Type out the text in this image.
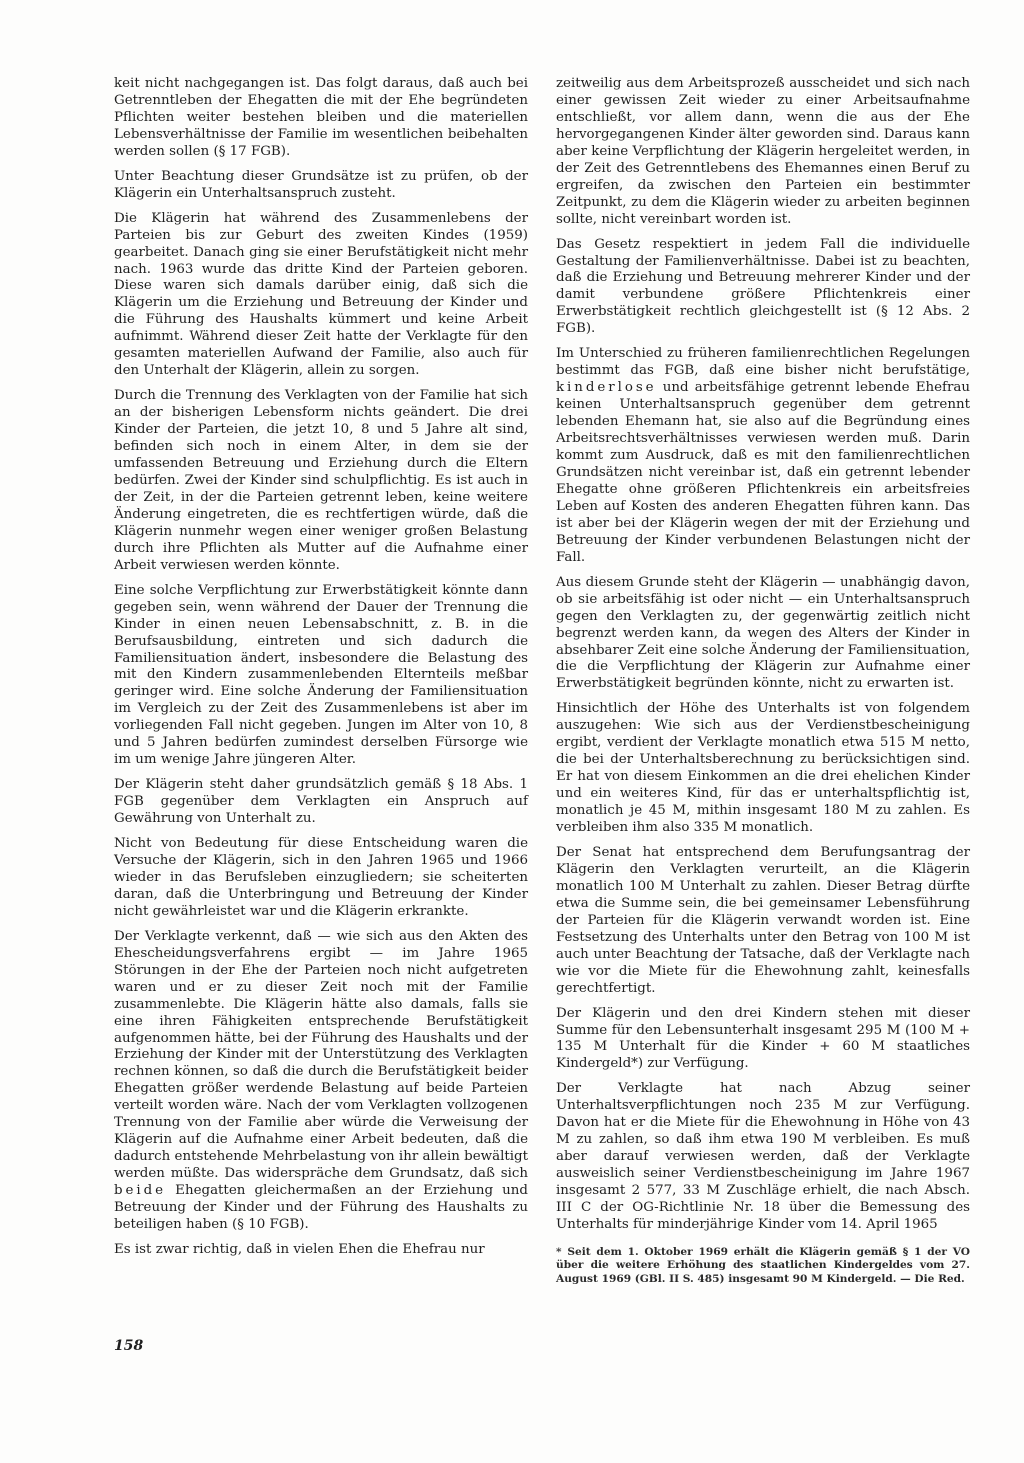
keit nicht nachgegangen ist. Das folgt daraus, daß auch bei Getrenntleben der Ehegatten die mit der Ehe begründeten Pflichten weiter bestehen bleiben und die materiellen Lebensverhältnisse der Familie im wesentlichen beibehalten werden sollen (§ 17 FGB).

Unter Beachtung dieser Grundsätze ist zu prüfen, ob der Klägerin ein Unterhaltsanspruch zusteht.

Die Klägerin hat während des Zusammenlebens der Parteien bis zur Geburt des zweiten Kindes (1959) gearbeitet. Danach ging sie einer Berufstätigkeit nicht mehr nach. 1963 wurde das dritte Kind der Parteien geboren. Diese waren sich damals darüber einig, daß sich die Klägerin um die Erziehung und Betreuung der Kinder und die Führung des Haushalts kümmert und keine Arbeit aufnimmt. Während dieser Zeit hatte der Verklagte für den gesamten materiellen Aufwand der Familie, also auch für den Unterhalt der Klägerin, allein zu sorgen.

Durch die Trennung des Verklagten von der Familie hat sich an der bisherigen Lebensform nichts geändert. Die drei Kinder der Parteien, die jetzt 10, 8 und 5 Jahre alt sind, befinden sich noch in einem Alter, in dem sie der umfassenden Betreuung und Erziehung durch die Eltern bedürfen. Zwei der Kinder sind schulpflichtig. Es ist auch in der Zeit, in der die Parteien getrennt leben, keine weitere Änderung eingetreten, die es rechtfertigen würde, daß die Klägerin nunmehr wegen einer weniger großen Belastung durch ihre Pflichten als Mutter auf die Aufnahme einer Arbeit verwiesen werden könnte.

Eine solche Verpflichtung zur Erwerbstätigkeit könnte dann gegeben sein, wenn während der Dauer der Trennung die Kinder in einen neuen Lebensabschnitt, z. B. in die Berufsausbildung, eintreten und sich dadurch die Familiensituation ändert, insbesondere die Belastung des mit den Kindern zusammenlebenden Elternteils meßbar geringer wird. Eine solche Änderung der Familiensituation im Vergleich zu der Zeit des Zusammenlebens ist aber im vorliegenden Fall nicht gegeben. Jungen im Alter von 10, 8 und 5 Jahren bedürfen zumindest derselben Fürsorge wie im um wenige Jahre jüngeren Alter.

Der Klägerin steht daher grundsätzlich gemäß § 18 Abs. 1 FGB gegenüber dem Verklagten ein Anspruch auf Gewährung von Unterhalt zu.

Nicht von Bedeutung für diese Entscheidung waren die Versuche der Klägerin, sich in den Jahren 1965 und 1966 wieder in das Berufsleben einzugliedern; sie scheiterten daran, daß die Unterbringung und Betreuung der Kinder nicht gewährleistet war und die Klägerin erkrankte.

Der Verklagte verkennt, daß — wie sich aus den Akten des Ehescheidungsverfahrens ergibt — im Jahre 1965 Störungen in der Ehe der Parteien noch nicht aufgetreten waren und er zu dieser Zeit noch mit der Familie zusammenlebte. Die Klägerin hätte also damals, falls sie eine ihren Fähigkeiten entsprechende Berufstätigkeit aufgenommen hätte, bei der Führung des Haushalts und der Erziehung der Kinder mit der Unterstützung des Verklagten rechnen können, so daß die durch die Berufstätigkeit beider Ehegatten größer werdende Belastung auf beide Parteien verteilt worden wäre. Nach der vom Verklagten vollzogenen Trennung von der Familie aber würde die Verweisung der Klägerin auf die Aufnahme einer Arbeit bedeuten, daß die dadurch entstehende Mehrbelastung von ihr allein bewältigt werden müßte. Das widerspräche dem Grundsatz, daß sich beide Ehegatten gleichermaßen an der Erziehung und Betreuung der Kinder und der Führung des Haushalts zu beteiligen haben (§ 10 FGB).

Es ist zwar richtig, daß in vielen Ehen die Ehefrau nur

zeitweilig aus dem Arbeitsprozeß ausscheidet und sich nach einer gewissen Zeit wieder zu einer Arbeitsaufnahme entschließt, vor allem dann, wenn die aus der Ehe hervorgegangenen Kinder älter geworden sind. Daraus kann aber keine Verpflichtung der Klägerin hergeleitet werden, in der Zeit des Getrenntlebens des Ehemannes einen Beruf zu ergreifen, da zwischen den Parteien ein bestimmter Zeitpunkt, zu dem die Klägerin wieder zu arbeiten beginnen sollte, nicht vereinbart worden ist.

Das Gesetz respektiert in jedem Fall die individuelle Gestaltung der Familienverhältnisse. Dabei ist zu beachten, daß die Erziehung und Betreuung mehrerer Kinder und der damit verbundene größere Pflichtenkreis einer Erwerbstätigkeit rechtlich gleichgestellt ist (§ 12 Abs. 2 FGB).

Im Unterschied zu früheren familienrechtlichen Regelungen bestimmt das FGB, daß eine bisher nicht berufstätige, kinderlose und arbeitsfähige getrennt lebende Ehefrau keinen Unterhaltsanspruch gegenüber dem getrennt lebenden Ehemann hat, sie also auf die Begründung eines Arbeitsrechtsverhältnisses verwiesen werden muß. Darin kommt zum Ausdruck, daß es mit den familienrechtlichen Grundsätzen nicht vereinbar ist, daß ein getrennt lebender Ehegatte ohne größeren Pflichtenkreis ein arbeitsfreies Leben auf Kosten des anderen Ehegatten führen kann. Das ist aber bei der Klägerin wegen der mit der Erziehung und Betreuung der Kinder verbundenen Belastungen nicht der Fall.

Aus diesem Grunde steht der Klägerin — unabhängig davon, ob sie arbeitsfähig ist oder nicht — ein Unterhaltsanspruch gegen den Verklagten zu, der gegenwärtig zeitlich nicht begrenzt werden kann, da wegen des Alters der Kinder in absehbarer Zeit eine solche Änderung der Familiensituation, die die Verpflichtung der Klägerin zur Aufnahme einer Erwerbstätigkeit begründen könnte, nicht zu erwarten ist.

Hinsichtlich der Höhe des Unterhalts ist von folgendem auszugehen: Wie sich aus der Verdienstbescheinigung ergibt, verdient der Verklagte monatlich etwa 515 M netto, die bei der Unterhaltsberechnung zu berücksichtigen sind. Er hat von diesem Einkommen an die drei ehelichen Kinder und ein weiteres Kind, für das er unterhaltspflichtig ist, monatlich je 45 M, mithin insgesamt 180 M zu zahlen. Es verbleiben ihm also 335 M monatlich.

Der Senat hat entsprechend dem Berufungsantrag der Klägerin den Verklagten verurteilt, an die Klägerin monatlich 100 M Unterhalt zu zahlen. Dieser Betrag dürfte etwa die Summe sein, die bei gemeinsamer Lebensführung der Parteien für die Klägerin verwandt worden ist. Eine Festsetzung des Unterhalts unter den Betrag von 100 M ist auch unter Beachtung der Tatsache, daß der Verklagte nach wie vor die Miete für die Ehewohnung zahlt, keinesfalls gerechtfertigt.

Der Klägerin und den drei Kindern stehen mit dieser Summe für den Lebensunterhalt insgesamt 295 M (100 M + 135 M Unterhalt für die Kinder + 60 M staatliches Kindergeld*) zur Verfügung.

Der Verklagte hat nach Abzug seiner Unterhaltsverpflichtungen noch 235 M zur Verfügung. Davon hat er die Miete für die Ehewohnung in Höhe von 43 M zu zahlen, so daß ihm etwa 190 M verbleiben. Es muß aber darauf verwiesen werden, daß der Verklagte ausweislich seiner Verdienstbescheinigung im Jahre 1967 insgesamt 2 577, 33 M Zuschläge erhielt, die nach Absch. III C der OG-Richtlinie Nr. 18 über die Bemessung des Unterhalts für minderjährige Kinder vom 14. April 1965

* Seit dem 1. Oktober 1969 erhält die Klägerin gemäß § 1 der VO über die weitere Erhöhung des staatlichen Kindergeldes vom 27. August 1969 (GBl. II S. 485) insgesamt 90 M Kindergeld. — Die Red.
158
